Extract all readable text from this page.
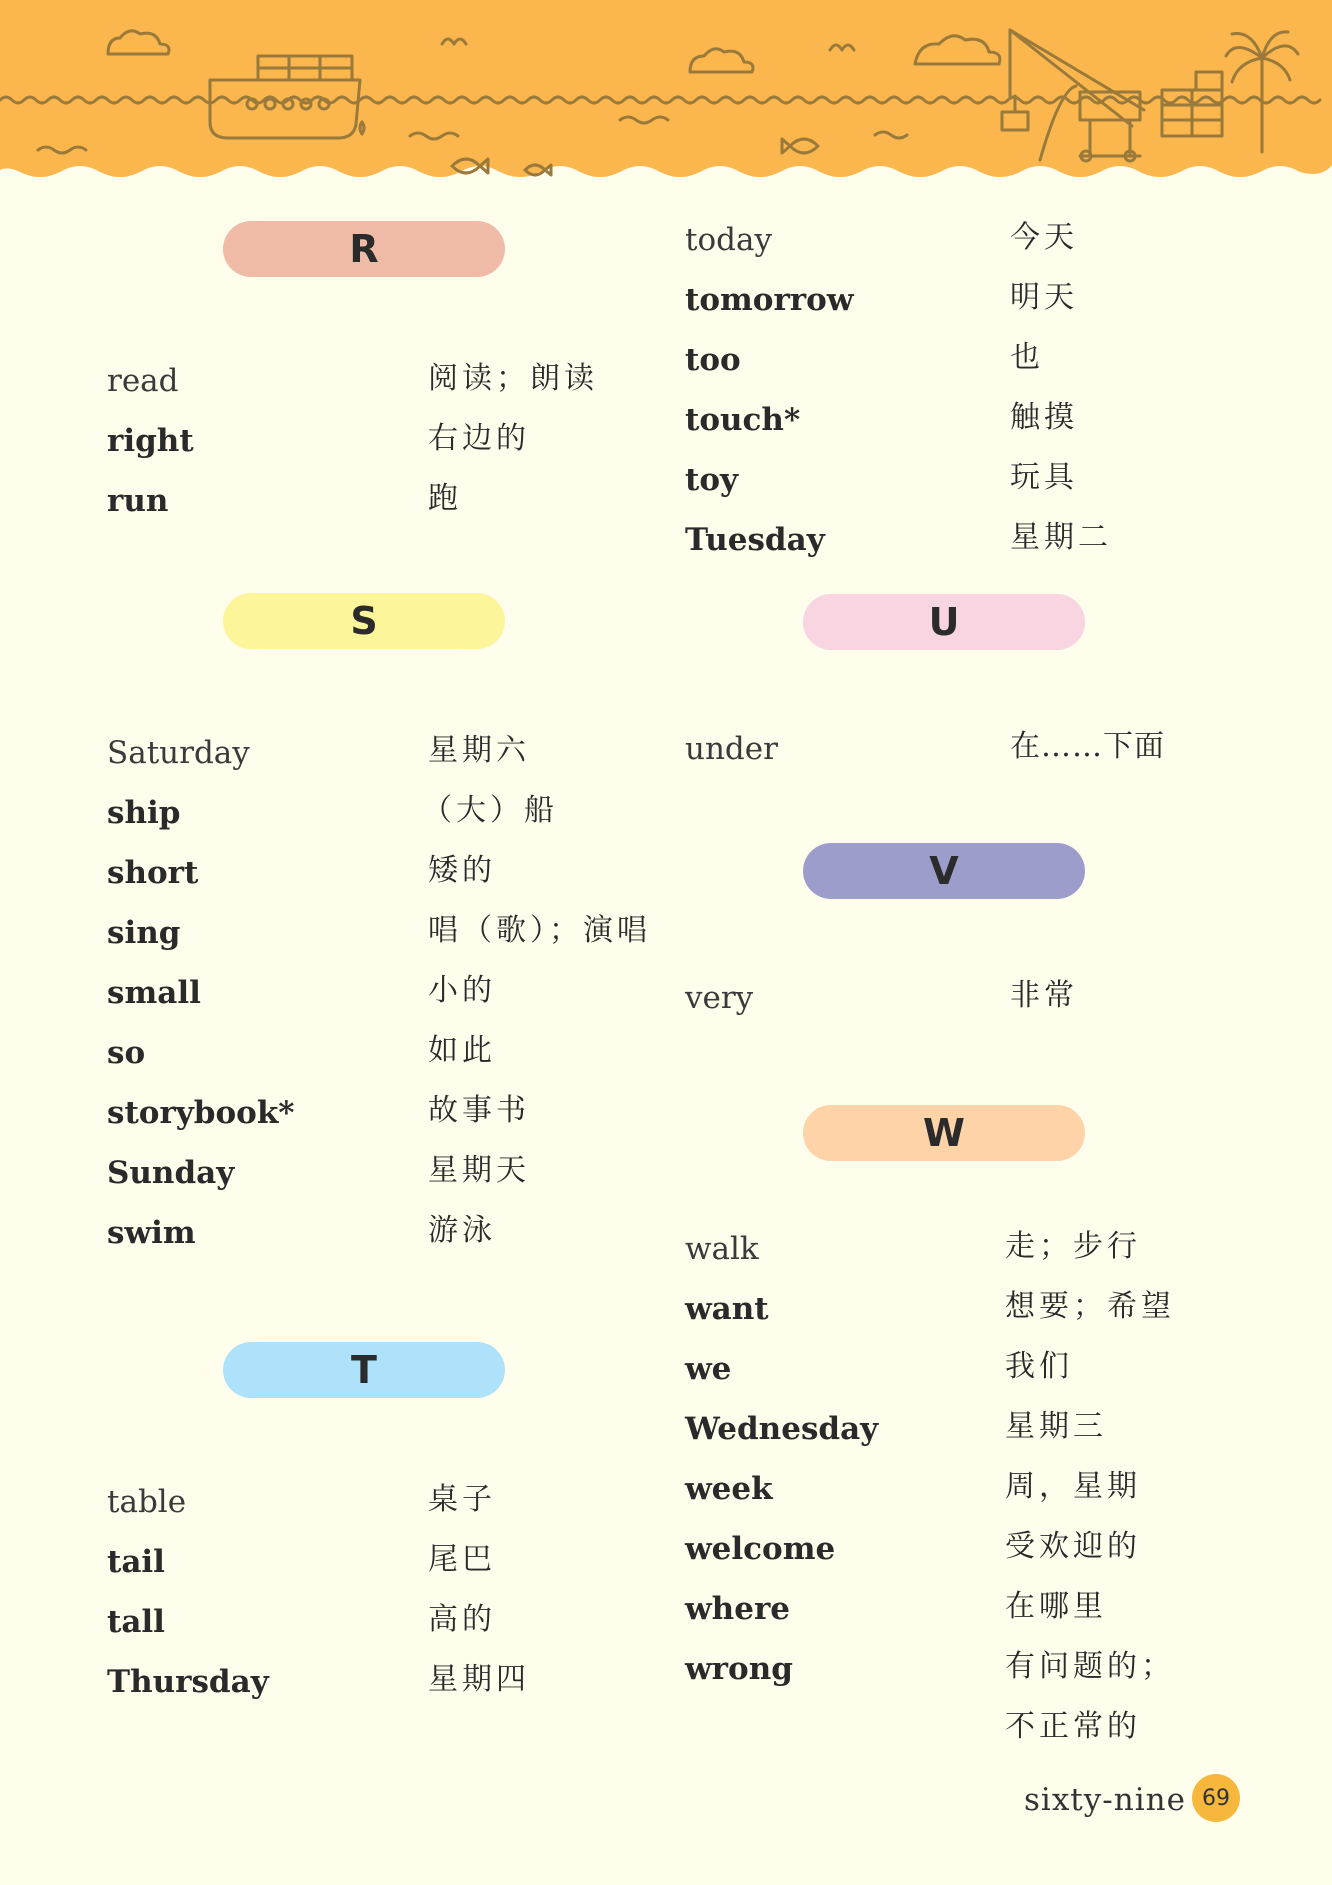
R
S
T
U
V
W
read	阅读；朗读
right	右边的
run	跑
Saturday	星期六
ship	（大）船
short	矮的
sing	唱（歌）；演唱
small	小的
so	如此
storybook*	故事书
Sunday	星期天
swim	游泳
table	桌子
tail	尾巴
tall	高的
Thursday	星期四
today	今天
tomorrow	明天
too	也
touch*	触摸
toy	玩具
Tuesday	星期二
under	在……下面
very	非常
walk	走；步行
want	想要；希望
we	我们
Wednesday	星期三
week	周，星期
welcome	受欢迎的
where	在哪里
wrong	有问题的；
不正常的
sixty-nine 69
